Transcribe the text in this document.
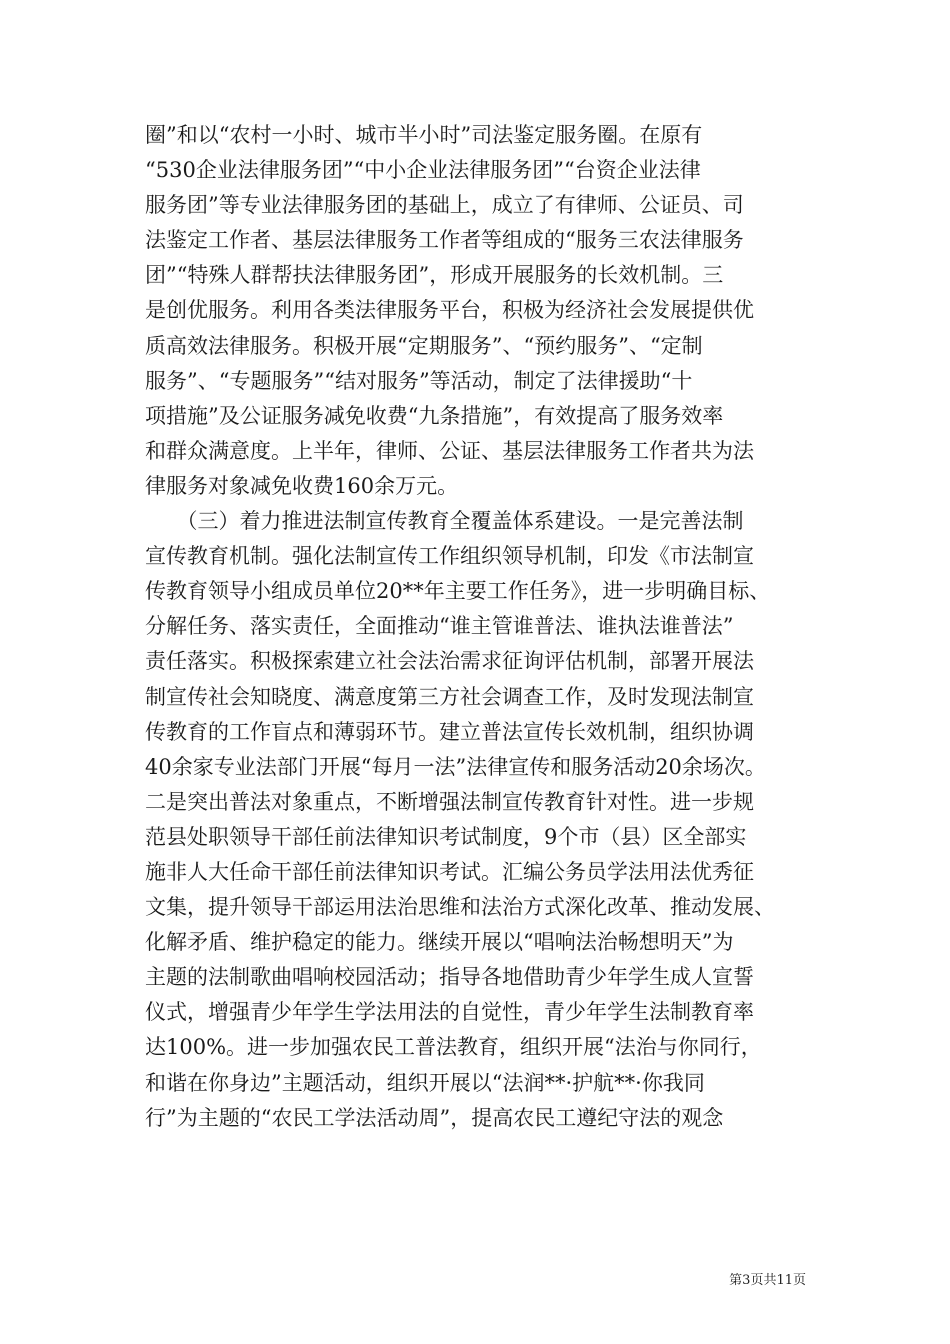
圈”和以“农村一小时、城市半小时”司法鉴定服务圈。在原有
“530企业法律服务团”“中小企业法律服务团”“台资企业法律
服务团”等专业法律服务团的基础上，成立了有律师、公证员、司
法鉴定工作者、基层法律服务工作者等组成的“服务三农法律服务
团”“特殊人群帮扶法律服务团”，形成开展服务的长效机制。三
是创优服务。利用各类法律服务平台，积极为经济社会发展提供优
质高效法律服务。积极开展“定期服务”、“预约服务”、“定制
服务”、“专题服务”“结对服务”等活动，制定了法律援助“十
项措施”及公证服务减免收费“九条措施”，有效提高了服务效率
和群众满意度。上半年，律师、公证、基层法律服务工作者共为法
律服务对象减免收费160余万元。
　　（三）着力推进法制宣传教育全覆盖体系建设。一是完善法制
宣传教育机制。强化法制宣传工作组织领导机制，印发《市法制宣
传教育领导小组成员单位20**年主要工作任务》，进一步明确目标、
分解任务、落实责任，全面推动“谁主管谁普法、谁执法谁普法”
责任落实。积极探索建立社会法治需求征询评估机制，部署开展法
制宣传社会知晓度、满意度第三方社会调查工作，及时发现法制宣
传教育的工作盲点和薄弱环节。建立普法宣传长效机制，组织协调
40余家专业法部门开展“每月一法”法律宣传和服务活动20余场次。
二是突出普法对象重点，不断增强法制宣传教育针对性。进一步规
范县处职领导干部任前法律知识考试制度，9个市（县）区全部实
施非人大任命干部任前法律知识考试。汇编公务员学法用法优秀征
文集，提升领导干部运用法治思维和法治方式深化改革、推动发展、
化解矛盾、维护稳定的能力。继续开展以“唱响法治畅想明天”为
主题的法制歌曲唱响校园活动；指导各地借助青少年学生成人宣誓
仪式，增强青少年学生学法用法的自觉性，青少年学生法制教育率
达100%。进一步加强农民工普法教育，组织开展“法治与你同行，
和谐在你身边”主题活动，组织开展以“法润**·护航**·你我同
行”为主题的“农民工学法活动周”，提高农民工遵纪守法的观念
第3页共11页
